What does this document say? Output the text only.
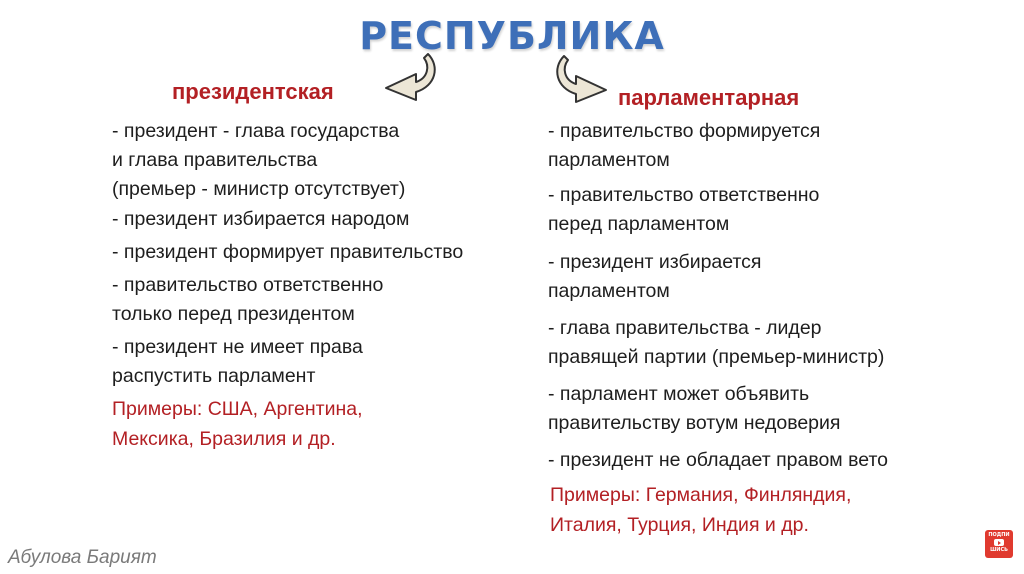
РЕСПУБЛИКА
президентская	парламентарная
- президент - глава государства
и глава правительства
(премьер - министр отсутствует)
- президент избирается народом
- президент формирует правительство
- правительство ответственно
только перед президентом
- президент не имеет права
распустить парламент
Примеры: США, Аргентина,
Мексика, Бразилия и др.
- правительство формируется
парламентом
- правительство ответственно
перед парламентом
- президент избирается
парламентом
- глава правительства - лидер
правящей партии (премьер-министр)
- парламент может объявить
правительству вотум недоверия
- президент не обладает правом вето
Примеры: Германия, Финляндия,
Италия, Турция, Индия и др.
Абулова Барият
ПОДПИ
ШИСЬ
